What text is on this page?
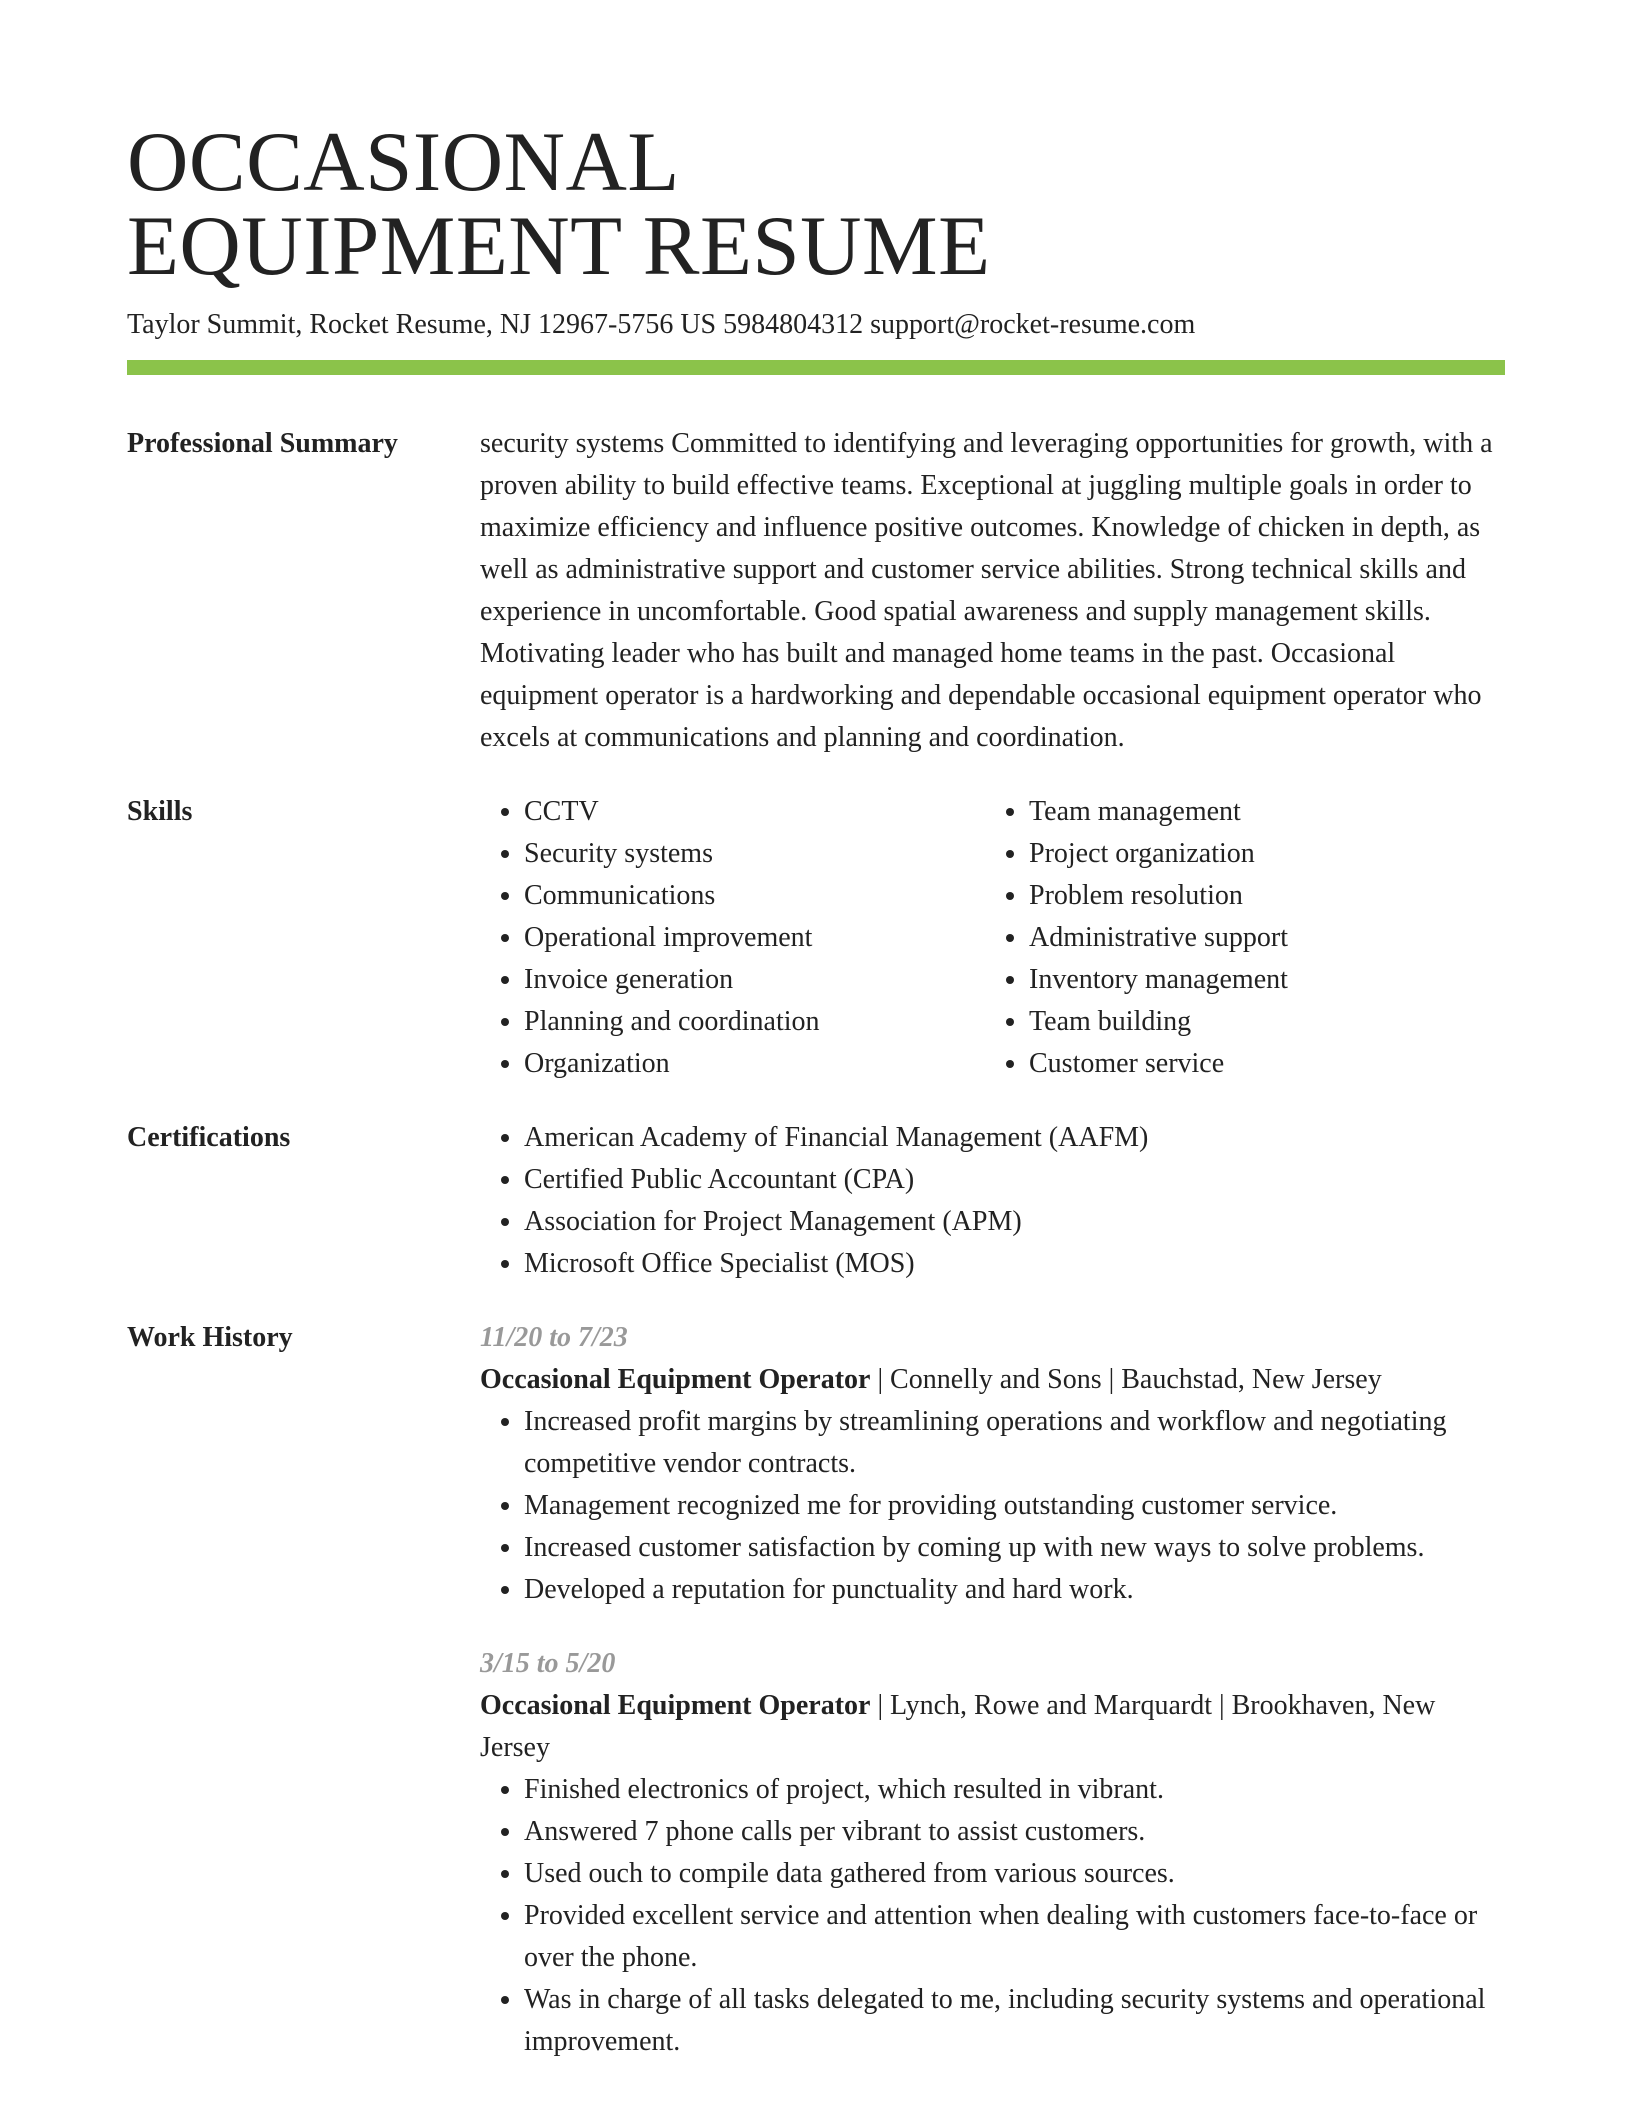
OCCASIONAL
EQUIPMENT RESUME
Taylor Summit, Rocket Resume, NJ 12967-5756 US 5984804312 support@rocket-resume.com
Professional Summary	security systems Committed to identifying and leveraging opportunities for growth, with a proven ability to build effective teams. Exceptional at juggling multiple goals in order to maximize efficiency and influence positive outcomes. Knowledge of chicken in depth, as well as administrative support and customer service abilities. Strong technical skills and experience in uncomfortable. Good spatial awareness and supply management skills. Motivating leader who has built and managed home teams in the past. Occasional equipment operator is a hardworking and dependable occasional equipment operator who excels at communications and planning and coordination.
Skills	• CCTV
• Security systems
• Communications
• Operational improvement
• Invoice generation
• Planning and coordination
• Organization
• Team management
• Project organization
• Problem resolution
• Administrative support
• Inventory management
• Team building
• Customer service
Certifications	• American Academy of Financial Management (AAFM)
• Certified Public Accountant (CPA)
• Association for Project Management (APM)
• Microsoft Office Specialist (MOS)
Work History	11/20 to 7/23
Occasional Equipment Operator | Connelly and Sons | Bauchstad, New Jersey
• Increased profit margins by streamlining operations and workflow and negotiating competitive vendor contracts.
• Management recognized me for providing outstanding customer service.
• Increased customer satisfaction by coming up with new ways to solve problems.
• Developed a reputation for punctuality and hard work.
3/15 to 5/20
Occasional Equipment Operator | Lynch, Rowe and Marquardt | Brookhaven, New Jersey
• Finished electronics of project, which resulted in vibrant.
• Answered 7 phone calls per vibrant to assist customers.
• Used ouch to compile data gathered from various sources.
• Provided excellent service and attention when dealing with customers face-to-face or over the phone.
• Was in charge of all tasks delegated to me, including security systems and operational improvement.
